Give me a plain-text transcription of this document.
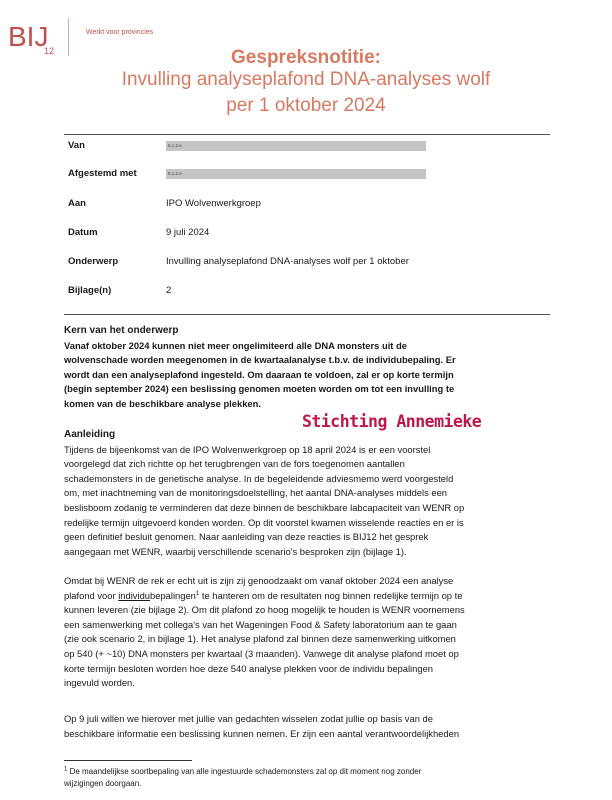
BIJ
12
Werkt voor provincies
Gespreksnotitie:
Invulling analyseplafond DNA-analyses wolf
per 1 oktober 2024
Van	5.1.2.e
Afgestemd met	5.1.2.e
Aan	IPO Wolvenwerkgroep
Datum	9 juli 2024
Onderwerp	Invulling analyseplafond DNA-analyses wolf per 1 oktober
Bijlage(n)	2
Kern van het onderwerp
Vanaf oktober 2024 kunnen niet meer ongelimiteerd alle DNA monsters uit de
wolvenschade worden meegenomen in de kwartaalanalyse t.b.v. de individubepaling. Er
wordt dan een analyseplafond ingesteld. Om daaraan te voldoen, zal er op korte termijn
(begin september 2024) een beslissing genomen moeten worden om tot een invulling te
komen van de beschikbare analyse plekken.
Stichting Annemieke
Aanleiding
Tijdens de bijeenkomst van de IPO Wolvenwerkgroep op 18 april 2024 is er een voorstel
voorgelegd dat zich richtte op het terugbrengen van de fors toegenomen aantallen
schademonsters in de genetische analyse. In de begeleidende adviesmemo werd voorgesteld
om, met inachtneming van de monitoringsdoelstelling, het aantal DNA-analyses middels een
beslisboom zodanig te verminderen dat deze binnen de beschikbare labcapaciteit van WENR op
redelijke termijn uitgevoerd konden worden. Op dit voorstel kwamen wisselende reacties en er is
geen definitief besluit genomen. Naar aanleiding van deze reacties is BIJ12 het gesprek
aangegaan met WENR, waarbij verschillende scenario's besproken zijn (bijlage 1).
Omdat bij WENR de rek er echt uit is zijn zij genoodzaakt om vanaf oktober 2024 een analyse
plafond voor individubepalingen$^1$ te hanteren om de resultaten nog binnen redelijke termijn op te
kunnen leveren (zie bijlage 2). Om dit plafond zo hoog mogelijk te houden is WENR voornemens
een samenwerking met collega's van het Wageningen Food & Safety laboratorium aan te gaan
(zie ook scenario 2, in bijlage 1). Het analyse plafond zal binnen deze samenwerking uitkomen
op 540 (+ ~10) DNA monsters per kwartaal (3 maanden). Vanwege dit analyse plafond moet op
korte termijn besloten worden hoe deze 540 analyse plekken voor de individu bepalingen
ingevuld worden.
Op 9 juli willen we hierover met jullie van gedachten wisselen zodat jullie op basis van de
beschikbare informatie een beslissing kunnen nemen. Er zijn een aantal verantwoordelijkheden
$^1$ De maandelijkse soortbepaling van alle ingestuurde schademonsters zal op dit moment nog zonder
wijzigingen doorgaan.
